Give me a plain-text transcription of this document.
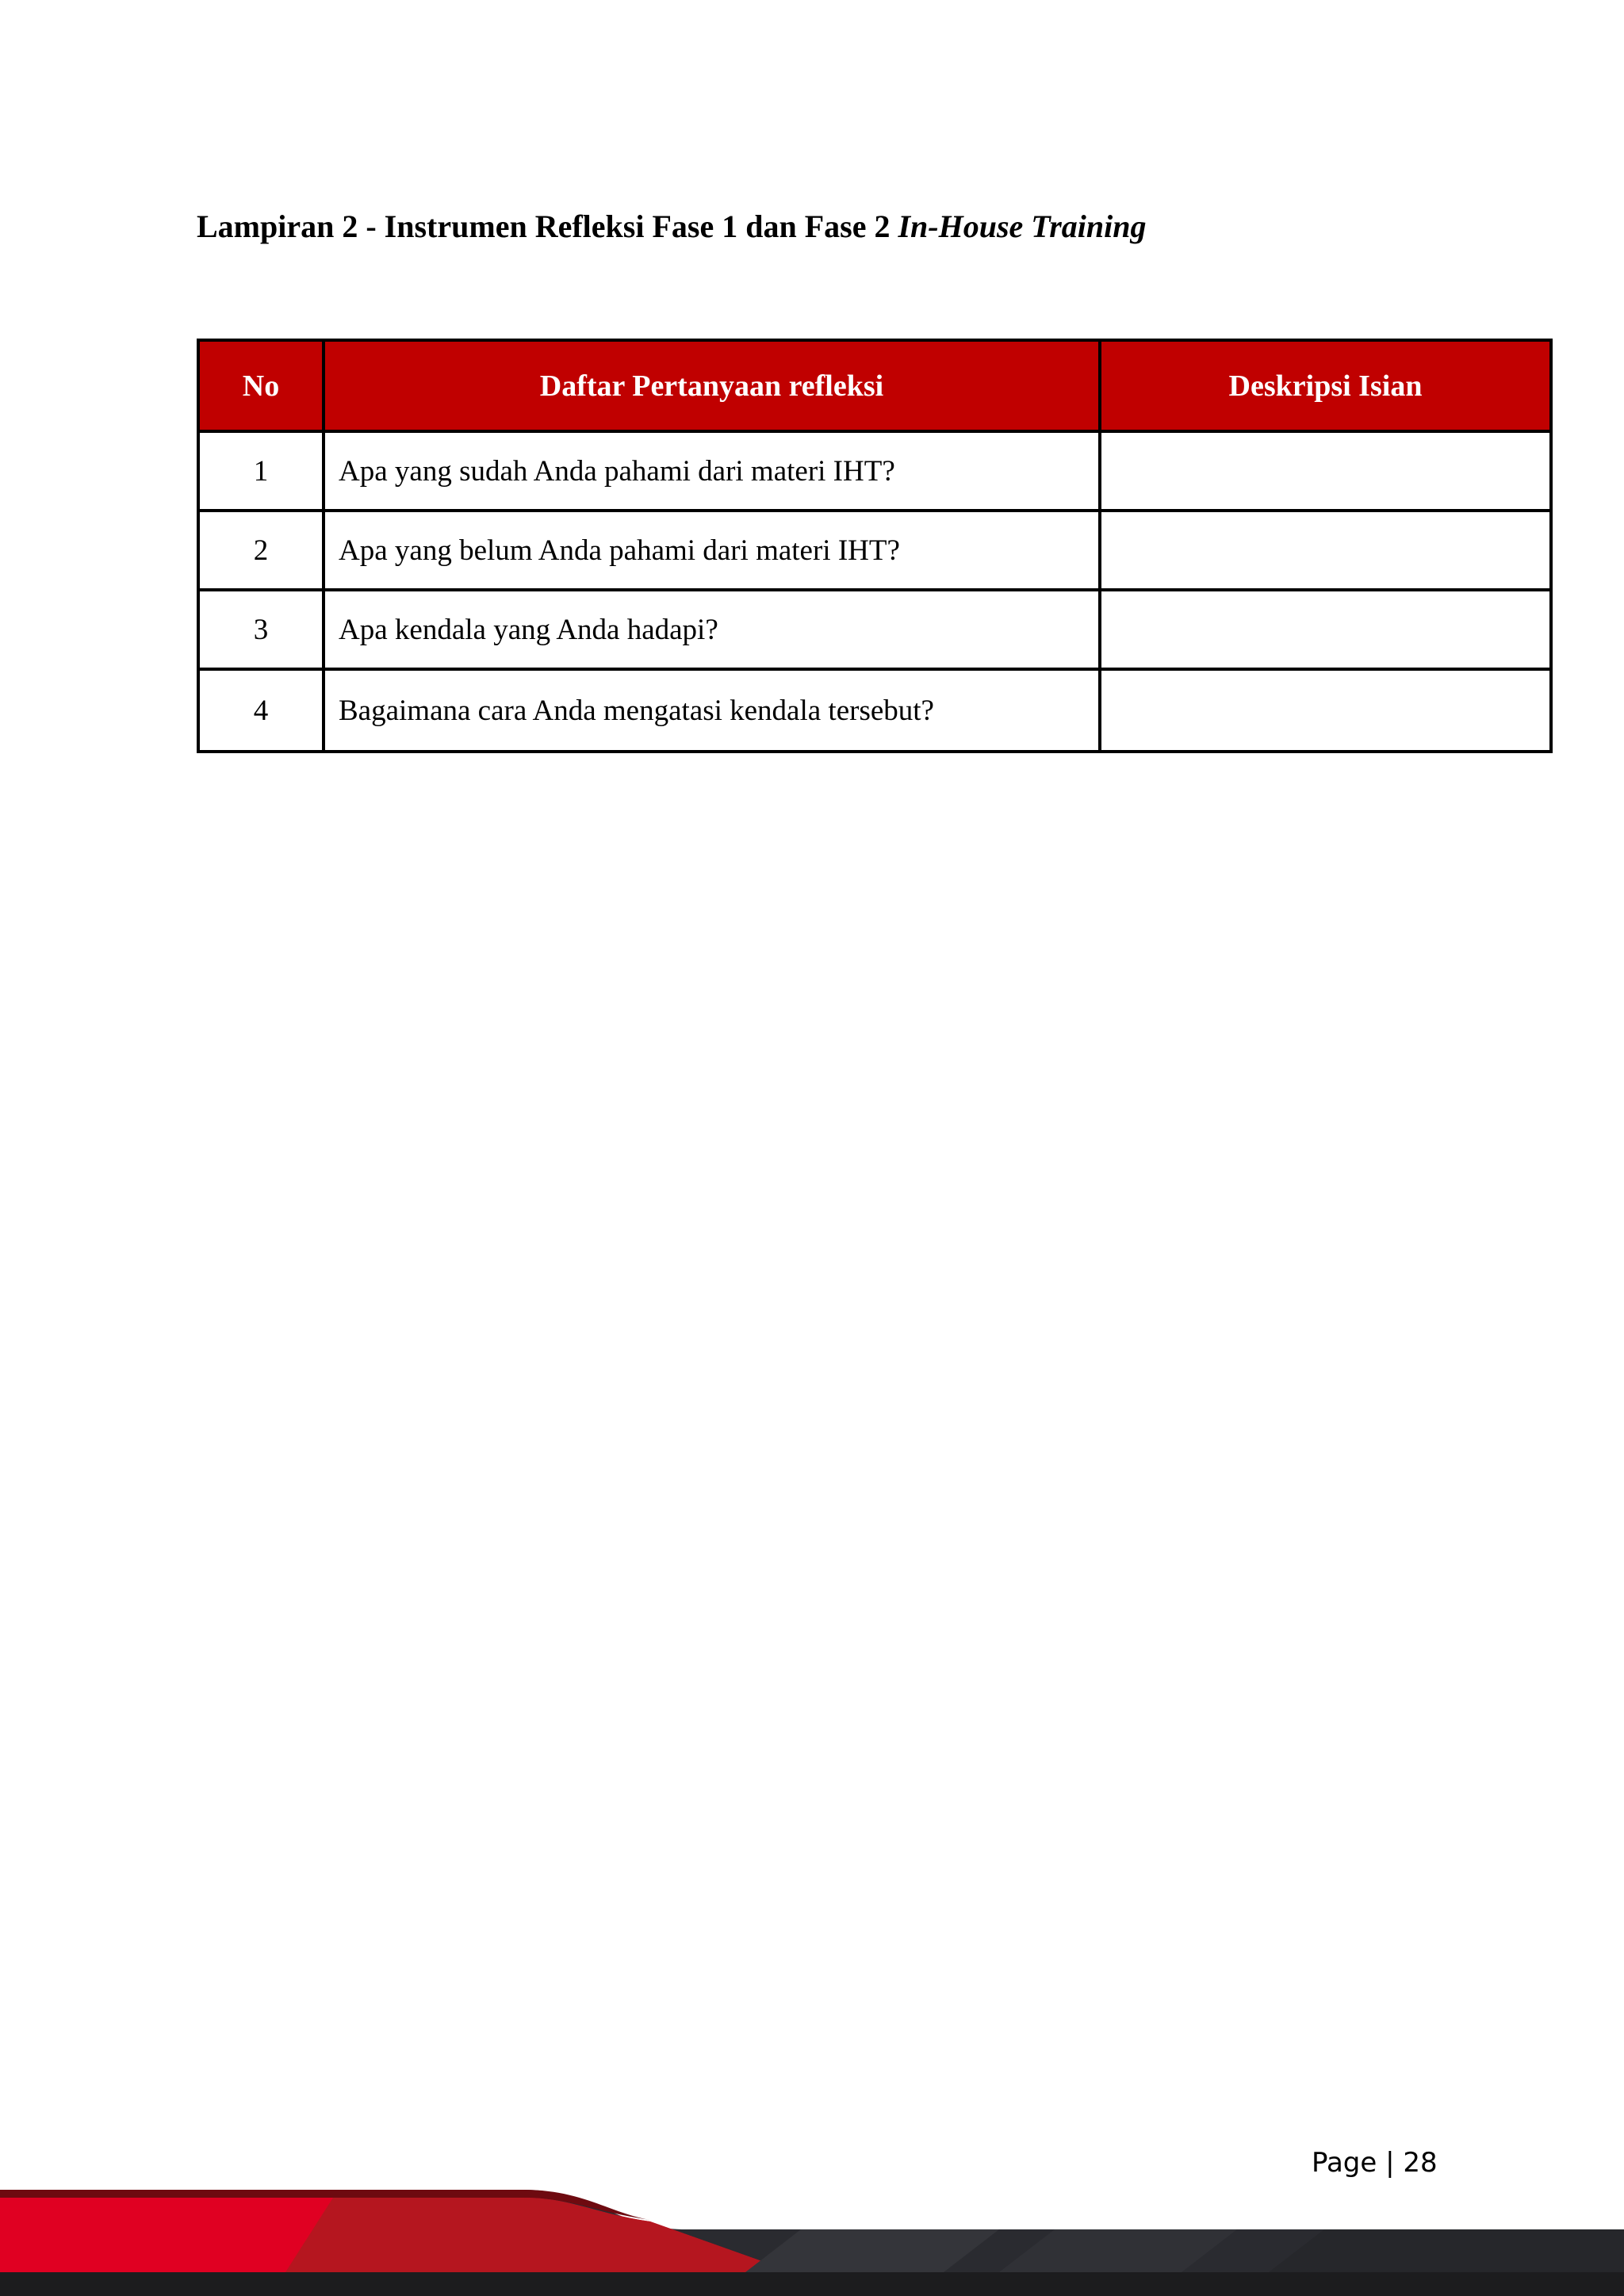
Lampiran 2 - Instrumen Refleksi Fase 1 dan Fase 2 In-House Training
No	Daftar Pertanyaan refleksi	Deskripsi Isian
1	Apa yang sudah Anda pahami dari materi IHT?	
2	Apa yang belum Anda pahami dari materi IHT?	
3	Apa kendala yang Anda hadapi?	
4	Bagaimana cara Anda mengatasi kendala tersebut?	
Page | 28
